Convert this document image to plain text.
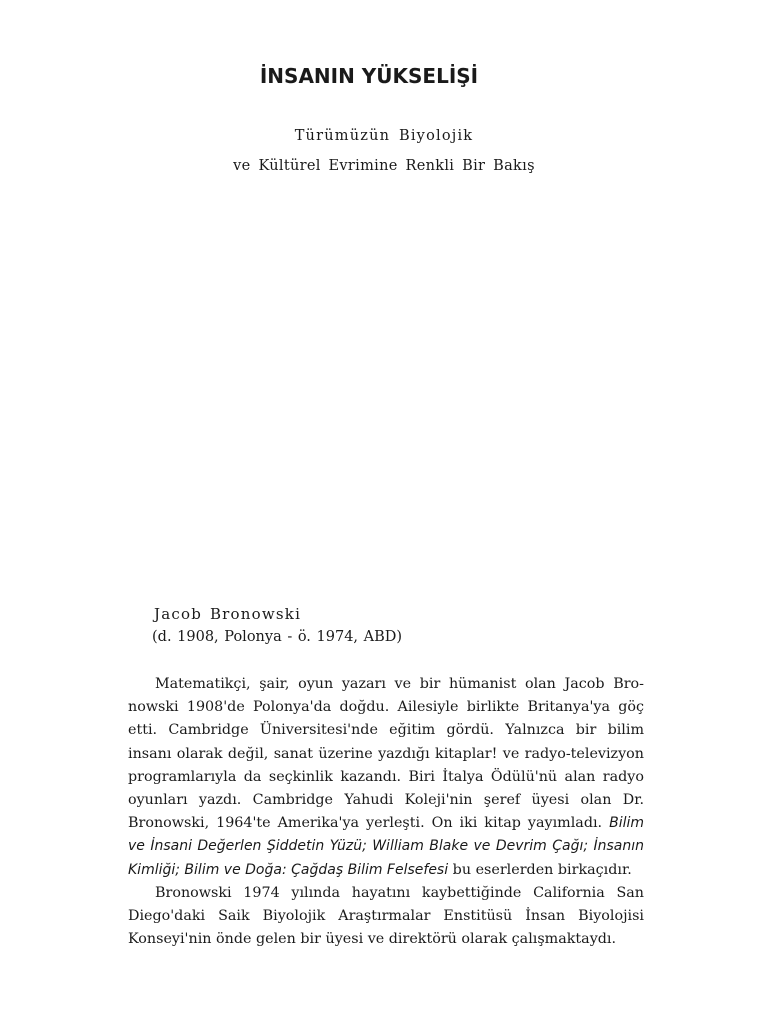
İNSANIN YÜKSELİŞİ
Türümüzün Biyolojik
ve Kültürel Evrimine Renkli Bir Bakış
Jacob Bronowski
(d. 1908, Polonya - ö. 1974, ABD)

Matematikçi, şair, oyun yazarı ve bir hümanist olan Jacob Bronowski 1908'de Polonya'da doğdu. Ailesiyle birlikte Britanya'ya göç etti. Cambridge Üniversitesi'nde eğitim gördü. Yalnızca bir bilim insanı olarak değil, sanat üzerine yazdığı kitaplar! ve radyo-televizyon programlarıyla da seçkinlik kazandı. Biri İtalya Ödülü'nü alan radyo oyunları yazdı. Cambridge Yahudi Koleji'nin şeref üyesi olan Dr. Bronowski, 1964'te Amerika'ya yerleşti. On iki kitap yayımladı. Bilim ve İnsani Değerlen Şiddetin Yüzü; William Blake ve Devrim Çağı; İnsanın Kimliği; Bilim ve Doğa: Çağdaş Bilim Felsefesi bu eserlerden birkaçıdır.

Bronowski 1974 yılında hayatını kaybettiğinde California San Diego'daki Saik Biyolojik Araştırmalar Enstitüsü İnsan Biyolojisi Konseyi'nin önde gelen bir üyesi ve direktörü olarak çalışmaktaydı.
